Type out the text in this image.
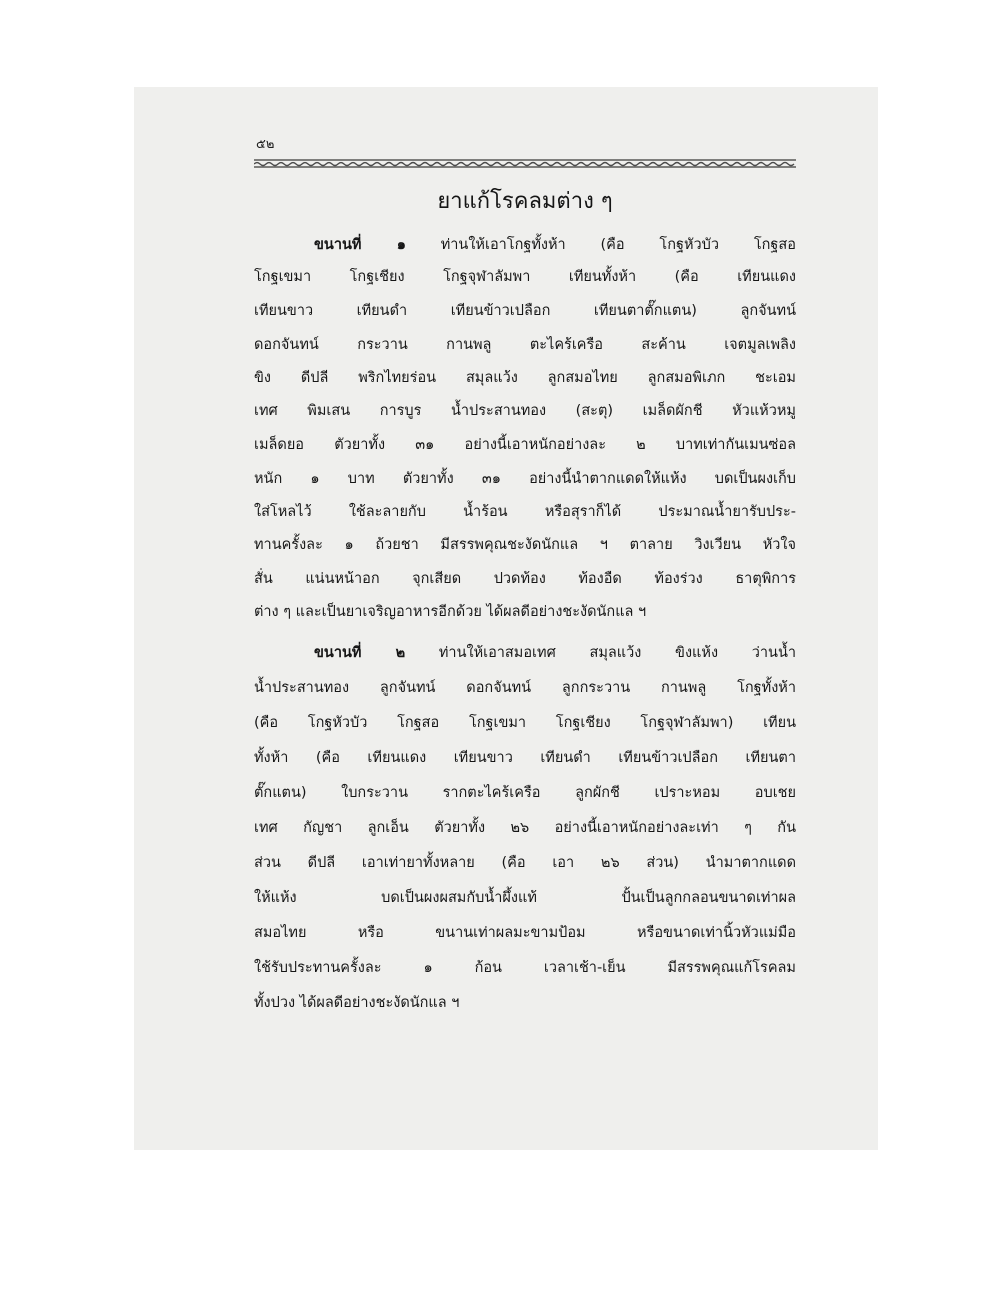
๕๒
ยาแก้โรคลมต่าง ๆ
ขนานที่ ๑ ท่านให้เอาโกฐทั้งห้า (คือ โกฐหัวบัว โกฐสอ
โกฐเขมา โกฐเชียง โกฐจุฬาลัมพา เทียนทั้งห้า (คือ เทียนแดง
เทียนขาว เทียนดำ เทียนข้าวเปลือก เทียนตาตั๊กแตน) ลูกจันทน์
ดอกจันทน์ กระวาน กานพลู ตะไคร้เครือ สะค้าน เจตมูลเพลิง
ขิง ดีปลี พริกไทยร่อน สมุลแว้ง ลูกสมอไทย ลูกสมอพิเภก ชะเอม
เทศ พิมเสน การบูร น้ำประสานทอง (สะตุ) เมล็ดผักชี หัวแห้วหมู
เมล็ดยอ ตัวยาทั้ง ๓๑ อย่างนี้เอาหนักอย่างละ ๒ บาทเท่ากันเมนซ่อล
หนัก ๑ บาท ตัวยาทั้ง ๓๑ อย่างนี้นำตากแดดให้แห้ง บดเป็นผงเก็บ
ใส่โหลไว้ ใช้ละลายกับ น้ำร้อน หรือสุราก็ได้ ประมาณน้ำยารับประ-
ทานครั้งละ ๑ ถ้วยชา มีสรรพคุณชะงัดนักแล ฯ ตาลาย วิงเวียน หัวใจ
สั่น แน่นหน้าอก จุกเสียด ปวดท้อง ท้องอืด ท้องร่วง ธาตุพิการ
ต่าง ๆ และเป็นยาเจริญอาหารอีกด้วย ได้ผลดีอย่างชะงัดนักแล ฯ
ขนานที่ ๒ ท่านให้เอาสมอเทศ สมุลแว้ง ขิงแห้ง ว่านน้ำ
น้ำประสานทอง ลูกจันทน์ ดอกจันทน์ ลูกกระวาน กานพลู โกฐทั้งห้า
(คือ โกฐหัวบัว โกฐสอ โกฐเขมา โกฐเชียง โกฐจุฬาลัมพา) เทียน
ทั้งห้า (คือ เทียนแดง เทียนขาว เทียนดำ เทียนข้าวเปลือก เทียนตา
ตั๊กแตน) ใบกระวาน รากตะไคร้เครือ ลูกผักชี เปราะหอม อบเชย
เทศ กัญชา ลูกเอ็น ตัวยาทั้ง ๒๖ อย่างนี้เอาหนักอย่างละเท่า ๆ กัน
ส่วน ดีปลี เอาเท่ายาทั้งหลาย (คือ เอา ๒๖ ส่วน) นำมาตากแดด
ให้แห้ง บดเป็นผงผสมกับน้ำผึ้งแท้ ปั้นเป็นลูกกลอนขนาดเท่าผล
สมอไทย หรือ ขนานเท่าผลมะขามป้อม หรือขนาดเท่านิ้วหัวแม่มือ
ใช้รับประทานครั้งละ ๑ ก้อน เวลาเช้า-เย็น มีสรรพคุณแก้โรคลม
ทั้งปวง ได้ผลดีอย่างชะงัดนักแล ฯ
